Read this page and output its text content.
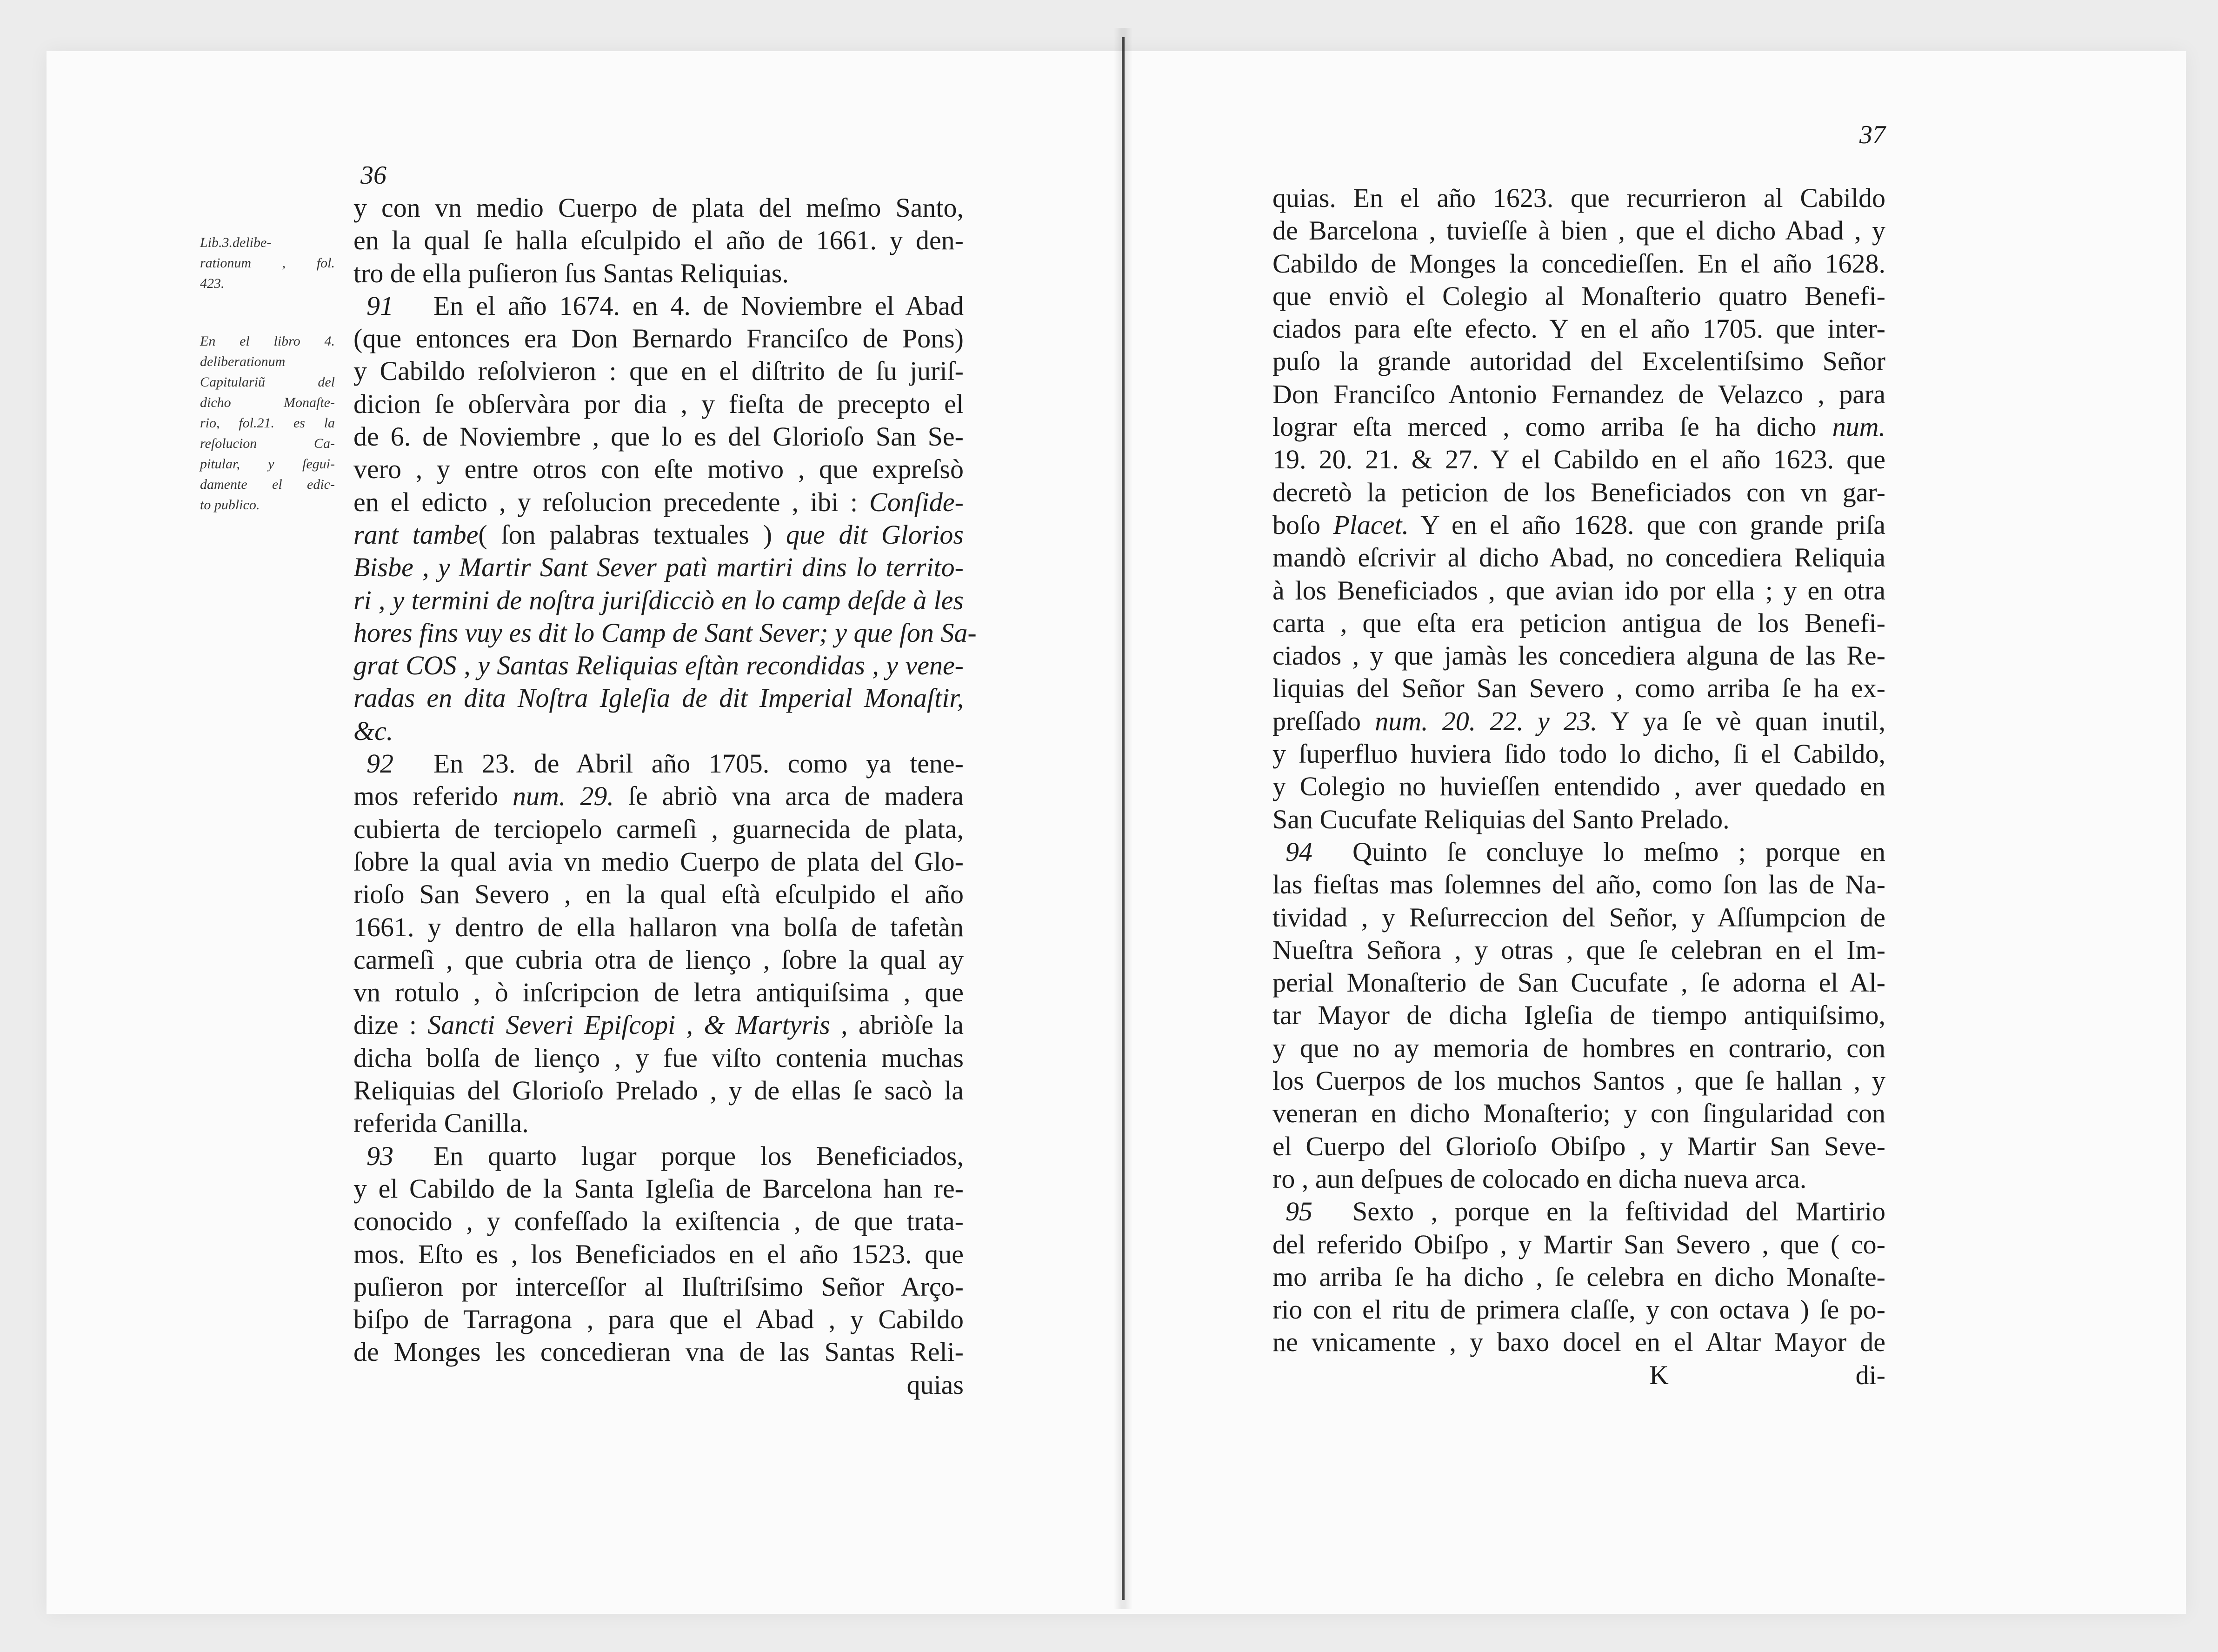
36
37
Lib.3.delibe-
rationum , fol.
423.
En el libro 4.
deliberationum
Capitulariũ del
dicho Monaſte-
rio, fol.21. es la
reſolucion Ca-
pitular, y ſegui-
damente el edic-
to publico.
y con vn medio Cuerpo de plata del meſmo Santo,
en la qual ſe halla eſculpido el año de 1661. y den-
tro de ella puſieron ſus Santas Reliquias.
91 En el año 1674. en 4. de Noviembre el Abad
(que entonces era Don Bernardo Franciſco de Pons)
y Cabildo reſolvieron : que en el diſtrito de ſu juriſ-
dicion ſe obſervàra por dia , y fieſta de precepto el
de 6. de Noviembre , que lo es del Glorioſo San Se-
vero , y entre otros con eſte motivo , que expreſsò
en el edicto , y reſolucion precedente , ibi : Conſide-
rant tambe( ſon palabras textuales ) que dit Glorios
Bisbe , y Martir Sant Sever patì martiri dins lo territo-
ri , y termini de noſtra juriſdicciò en lo camp deſde à les
hores fins vuy es dit lo Camp de Sant Sever; y que ſon Sa-
grat COS , y Santas Reliquias eſtàn recondidas , y vene-
radas en dita Noſtra Igleſia de dit Imperial Monaſtir,
&c.
92 En 23. de Abril año 1705. como ya tene-
mos referido num. 29. ſe abriò vna arca de madera
cubierta de terciopelo carmeſì , guarnecida de plata,
ſobre la qual avia vn medio Cuerpo de plata del Glo-
rioſo San Severo , en la qual eſtà eſculpido el año
1661. y dentro de ella hallaron vna bolſa de tafetàn
carmeſì , que cubria otra de lienço , ſobre la qual ay
vn rotulo , ò inſcripcion de letra antiquiſsima , que
dize : Sancti Severi Epiſcopi , & Martyris , abriòſe la
dicha bolſa de lienço , y fue viſto contenia muchas
Reliquias del Glorioſo Prelado , y de ellas ſe sacò la
referida Canilla.
93 En quarto lugar porque los Beneficiados,
y el Cabildo de la Santa Igleſia de Barcelona han re-
conocido , y confeſſado la exiſtencia , de que trata-
mos. Eſto es , los Beneficiados en el año 1523. que
puſieron por interceſſor al Iluſtriſsimo Señor Arço-
biſpo de Tarragona , para que el Abad , y Cabildo
de Monges les concedieran vna de las Santas Reli-
quias
quias. En el año 1623. que recurrieron al Cabildo
de Barcelona , tuvieſſe à bien , que el dicho Abad , y
Cabildo de Monges la concedieſſen. En el año 1628.
que enviò el Colegio al Monaſterio quatro Benefi-
ciados para eſte efecto. Y en el año 1705. que inter-
puſo la grande autoridad del Excelentiſsimo Señor
Don Franciſco Antonio Fernandez de Velazco , para
lograr eſta merced , como arriba ſe ha dicho num.
19. 20. 21. & 27. Y el Cabildo en el año 1623. que
decretò la peticion de los Beneficiados con vn gar-
boſo Placet. Y en el año 1628. que con grande priſa
mandò eſcrivir al dicho Abad, no concediera Reliquia
à los Beneficiados , que avian ido por ella ; y en otra
carta , que eſta era peticion antigua de los Benefi-
ciados , y que jamàs les concediera alguna de las Re-
liquias del Señor San Severo , como arriba ſe ha ex-
preſſado num. 20. 22. y 23. Y ya ſe vè quan inutil,
y ſuperfluo huviera ſido todo lo dicho, ſi el Cabildo,
y Colegio no huvieſſen entendido , aver quedado en
San Cucufate Reliquias del Santo Prelado.
94 Quinto ſe concluye lo meſmo ; porque en
las fieſtas mas ſolemnes del año, como ſon las de Na-
tividad , y Reſurreccion del Señor, y Aſſumpcion de
Nueſtra Señora , y otras , que ſe celebran en el Im-
perial Monaſterio de San Cucufate , ſe adorna el Al-
tar Mayor de dicha Igleſia de tiempo antiquiſsimo,
y que no ay memoria de hombres en contrario, con
los Cuerpos de los muchos Santos , que ſe hallan , y
veneran en dicho Monaſterio; y con ſingularidad con
el Cuerpo del Glorioſo Obiſpo , y Martir San Seve-
ro , aun deſpues de colocado en dicha nueva arca.
95 Sexto , porque en la feſtividad del Martirio
del referido Obiſpo , y Martir San Severo , que ( co-
mo arriba ſe ha dicho , ſe celebra en dicho Monaſte-
rio con el ritu de primera claſſe, y con octava ) ſe po-
ne vnicamente , y baxo docel en el Altar Mayor de
K	di-
